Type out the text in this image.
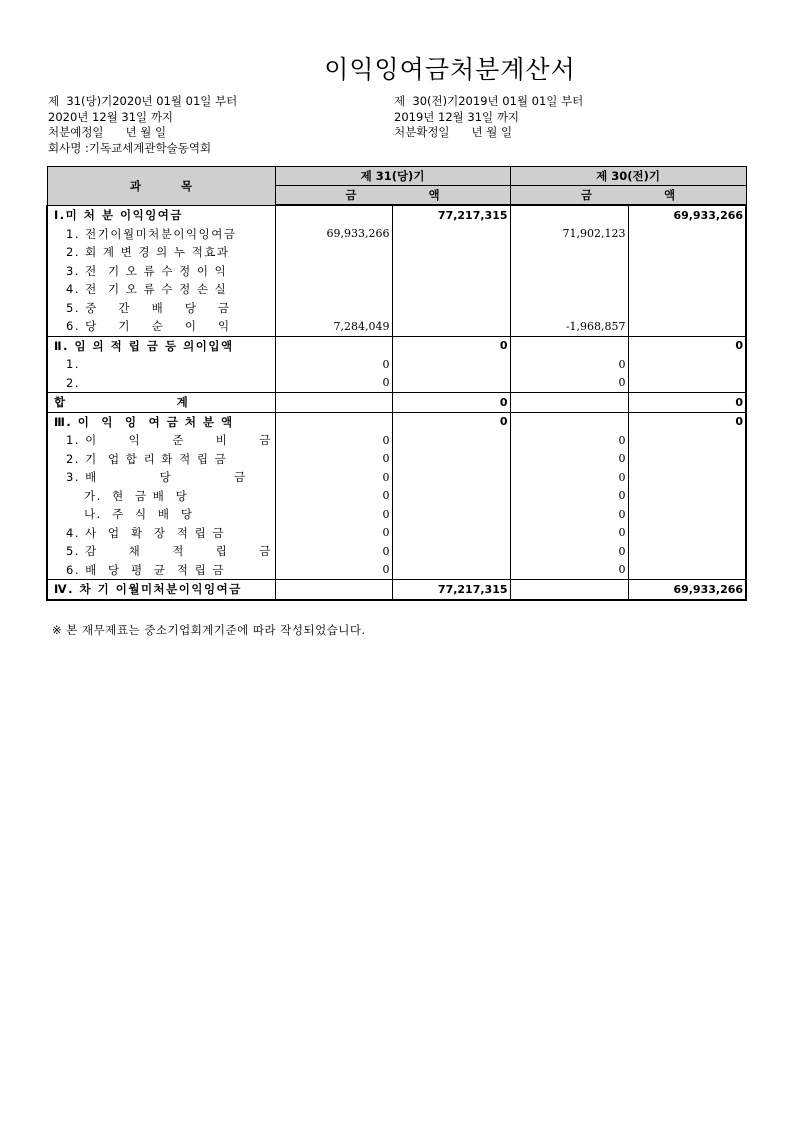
이익잉여금처분계산서
제  31(당)기2020년 01월 01일 부터
2020년 12월 31일 까지
처분예정일      년 월 일
회사명 :기독교세계관학술동역회
제  30(전)기2019년 01월 01일 부터
2019년 12월 31일 까지
처분확정일      년 월 일
과          목	제 31(당)기		제 30(전)기	
	금                  액		금                  액	
Ⅰ.미 처 분 이익잉여금		77,217,315		69,933,266
1. 전기이월미처분이익잉여금	69,933,266		71,902,123	
2. 회 계 변 경 의 누 적효과				
3. 전  기 오 류 수 정 이 익				
4. 전  기 오 류 수 정 손 실				
5. 중    간    배    당    금				
6. 당    기    순    이    익	7,284,049		-1,968,857	
Ⅱ. 임 의 적 립 금 등 의이입액		0		0
1.	0		0	
2.	0		0	
합                    계		0		0
Ⅲ. 이  익  잉  여 금 처 분 액		0		0
1. 이      익      준      비      금	0		0	
2. 기  업 합 리 화 적 립 금	0		0	
3. 배            당            금	0		0	
가.  현  금 배  당	0		0	
나.  주  식  배  당	0		0	
4. 사  업  확  장  적 립 금	0		0	
5. 감      채      적      립      금	0		0	
6. 배  당  평  균  적 립 금	0		0	
Ⅳ. 차 기 이월미처분이익잉여금		77,217,315		69,933,266
※ 본 재무제표는 중소기업회계기준에 따라 작성되었습니다.
